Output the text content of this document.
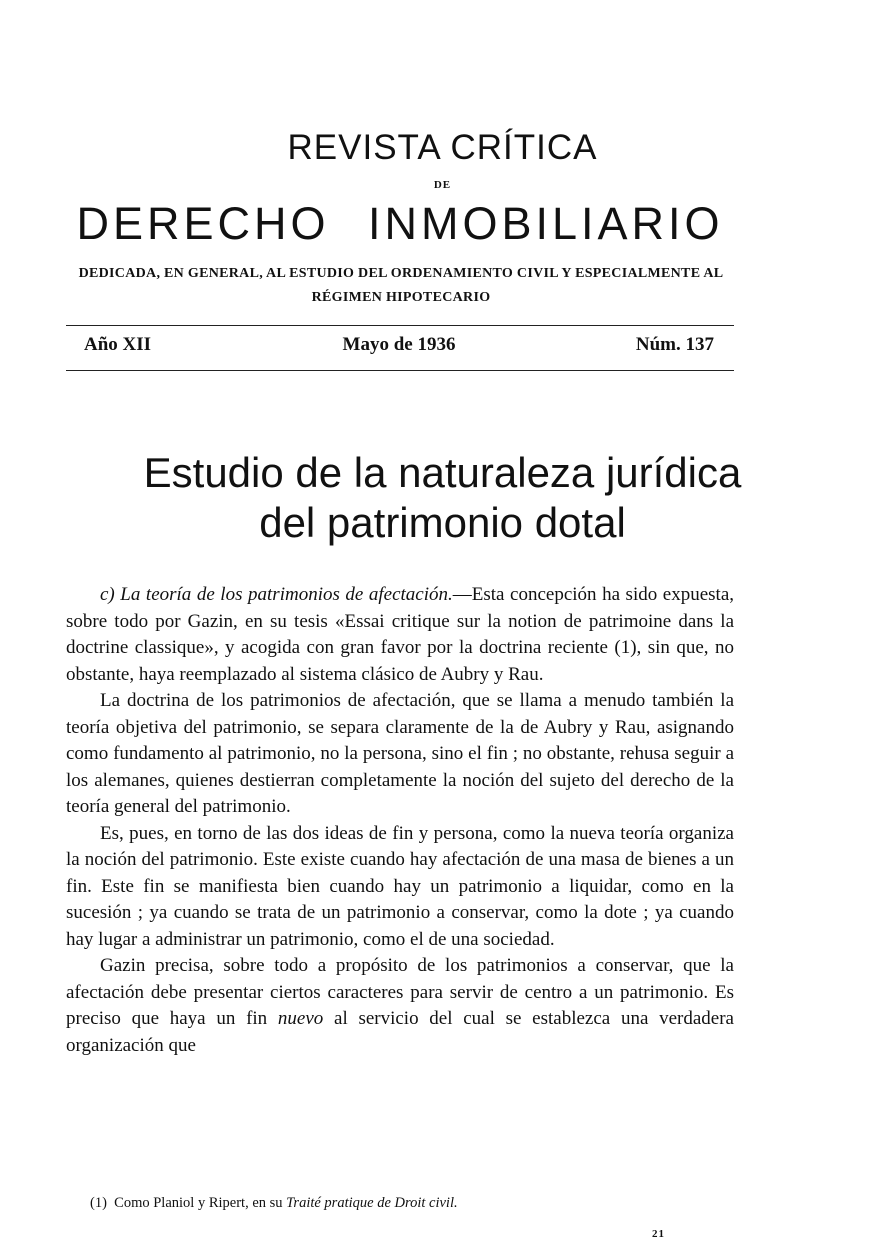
REVISTA CRÍTICA
DE
DERECHO INMOBILIARIO
DEDICADA, EN GENERAL, AL ESTUDIO DEL ORDENAMIENTO CIVIL Y ESPECIALMENTE AL RÉGIMEN HIPOTECARIO
Año XII	Mayo de 1936	Núm. 137
Estudio de la naturaleza jurídica
del patrimonio dotal

c) La teoría de los patrimonios de afectación.—Esta concepción ha sido expuesta, sobre todo por Gazin, en su tesis «Essai critique sur la notion de patrimoine dans la doctrine classique», y acogida con gran favor por la doctrina reciente (1), sin que, no obstante, haya reemplazado al sistema clásico de Aubry y Rau.

La doctrina de los patrimonios de afectación, que se llama a menudo también la teoría objetiva del patrimonio, se separa claramente de la de Aubry y Rau, asignando como fundamento al patrimonio, no la persona, sino el fin ; no obstante, rehusa seguir a los alemanes, quienes destierran completamente la noción del sujeto del derecho de la teoría general del patrimonio.

Es, pues, en torno de las dos ideas de fin y persona, como la nueva teoría organiza la noción del patrimonio. Este existe cuando hay afectación de una masa de bienes a un fin. Este fin se manifiesta bien cuando hay un patrimonio a liquidar, como en la sucesión ; ya cuando se trata de un patrimonio a conservar, como la dote ; ya cuando hay lugar a administrar un patrimonio, como el de una sociedad.

Gazin precisa, sobre todo a propósito de los patrimonios a conservar, que la afectación debe presentar ciertos caracteres para servir de centro a un patrimonio. Es preciso que haya un fin nuevo al servicio del cual se establezca una verdadera organización que

(1) Como Planiol y Ripert, en su Traité pratique de Droit civil.
21
